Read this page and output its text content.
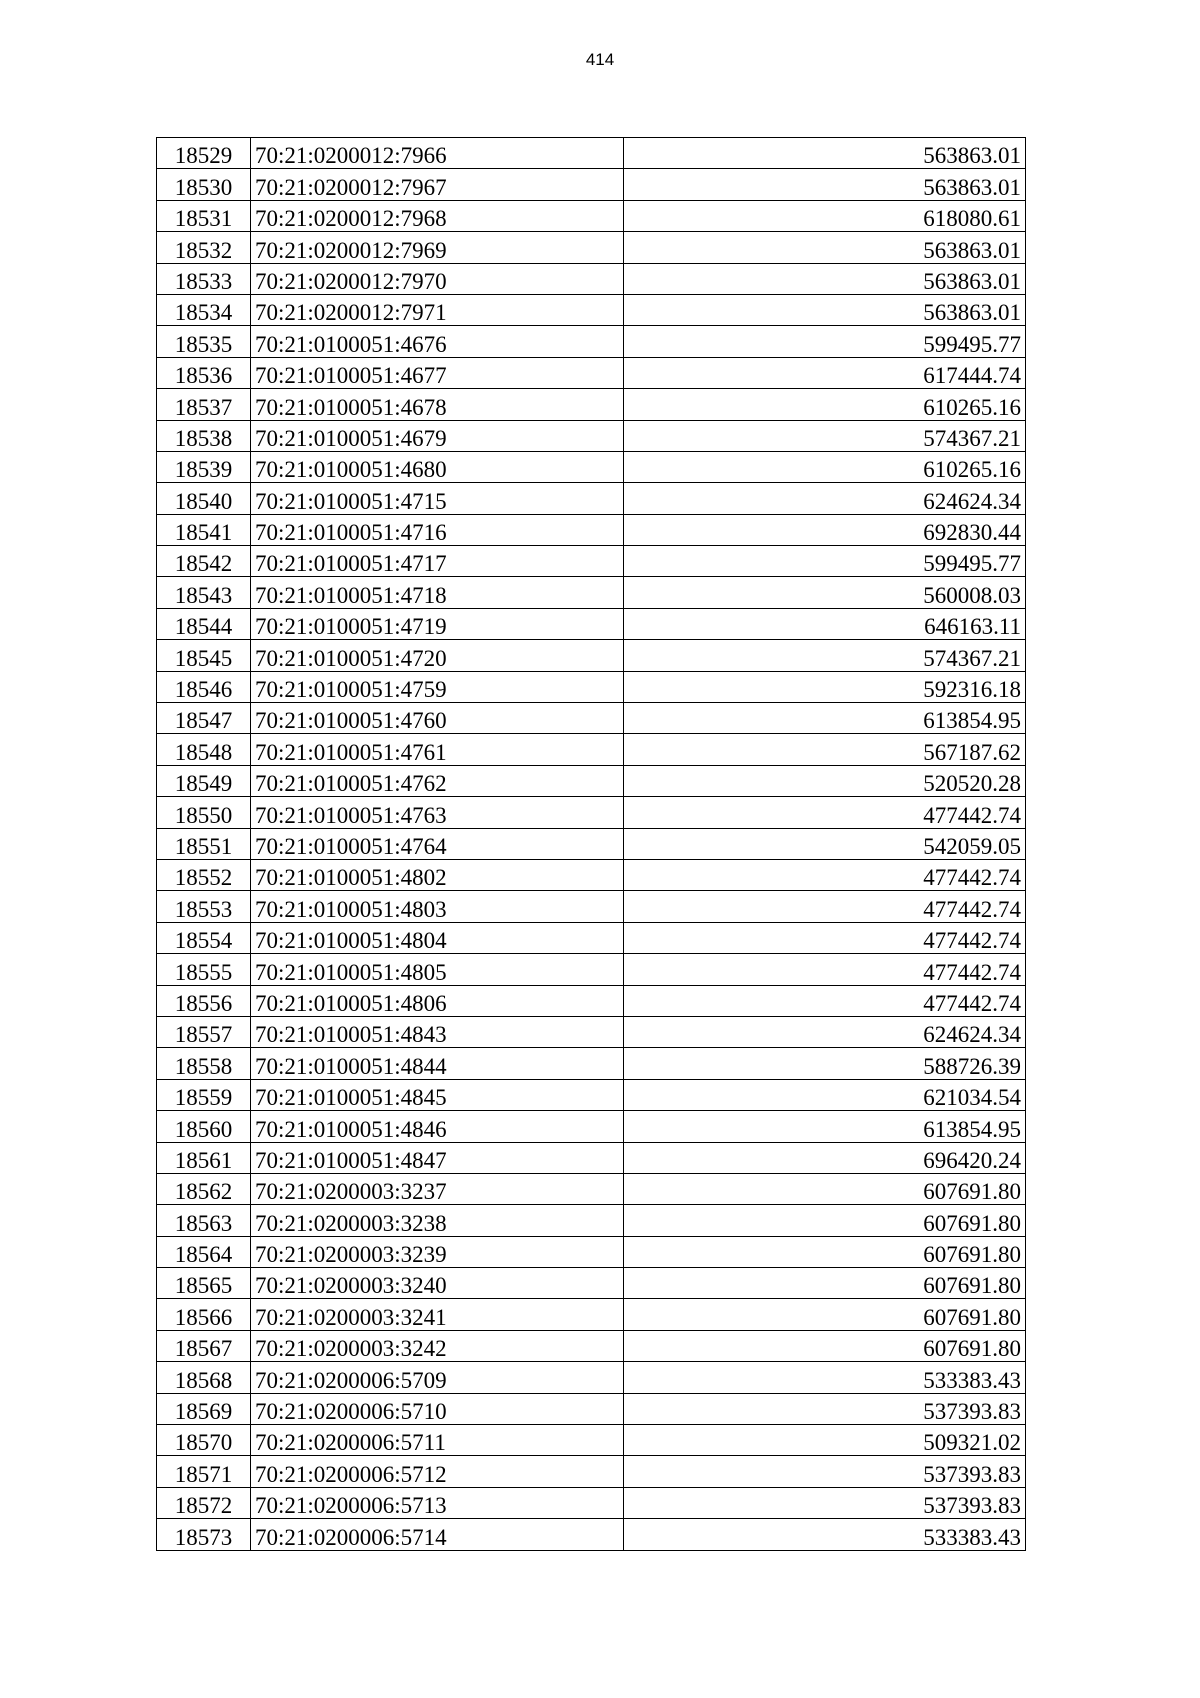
414
18529	70:21:0200012:7966	563863.01
18530	70:21:0200012:7967	563863.01
18531	70:21:0200012:7968	618080.61
18532	70:21:0200012:7969	563863.01
18533	70:21:0200012:7970	563863.01
18534	70:21:0200012:7971	563863.01
18535	70:21:0100051:4676	599495.77
18536	70:21:0100051:4677	617444.74
18537	70:21:0100051:4678	610265.16
18538	70:21:0100051:4679	574367.21
18539	70:21:0100051:4680	610265.16
18540	70:21:0100051:4715	624624.34
18541	70:21:0100051:4716	692830.44
18542	70:21:0100051:4717	599495.77
18543	70:21:0100051:4718	560008.03
18544	70:21:0100051:4719	646163.11
18545	70:21:0100051:4720	574367.21
18546	70:21:0100051:4759	592316.18
18547	70:21:0100051:4760	613854.95
18548	70:21:0100051:4761	567187.62
18549	70:21:0100051:4762	520520.28
18550	70:21:0100051:4763	477442.74
18551	70:21:0100051:4764	542059.05
18552	70:21:0100051:4802	477442.74
18553	70:21:0100051:4803	477442.74
18554	70:21:0100051:4804	477442.74
18555	70:21:0100051:4805	477442.74
18556	70:21:0100051:4806	477442.74
18557	70:21:0100051:4843	624624.34
18558	70:21:0100051:4844	588726.39
18559	70:21:0100051:4845	621034.54
18560	70:21:0100051:4846	613854.95
18561	70:21:0100051:4847	696420.24
18562	70:21:0200003:3237	607691.80
18563	70:21:0200003:3238	607691.80
18564	70:21:0200003:3239	607691.80
18565	70:21:0200003:3240	607691.80
18566	70:21:0200003:3241	607691.80
18567	70:21:0200003:3242	607691.80
18568	70:21:0200006:5709	533383.43
18569	70:21:0200006:5710	537393.83
18570	70:21:0200006:5711	509321.02
18571	70:21:0200006:5712	537393.83
18572	70:21:0200006:5713	537393.83
18573	70:21:0200006:5714	533383.43
